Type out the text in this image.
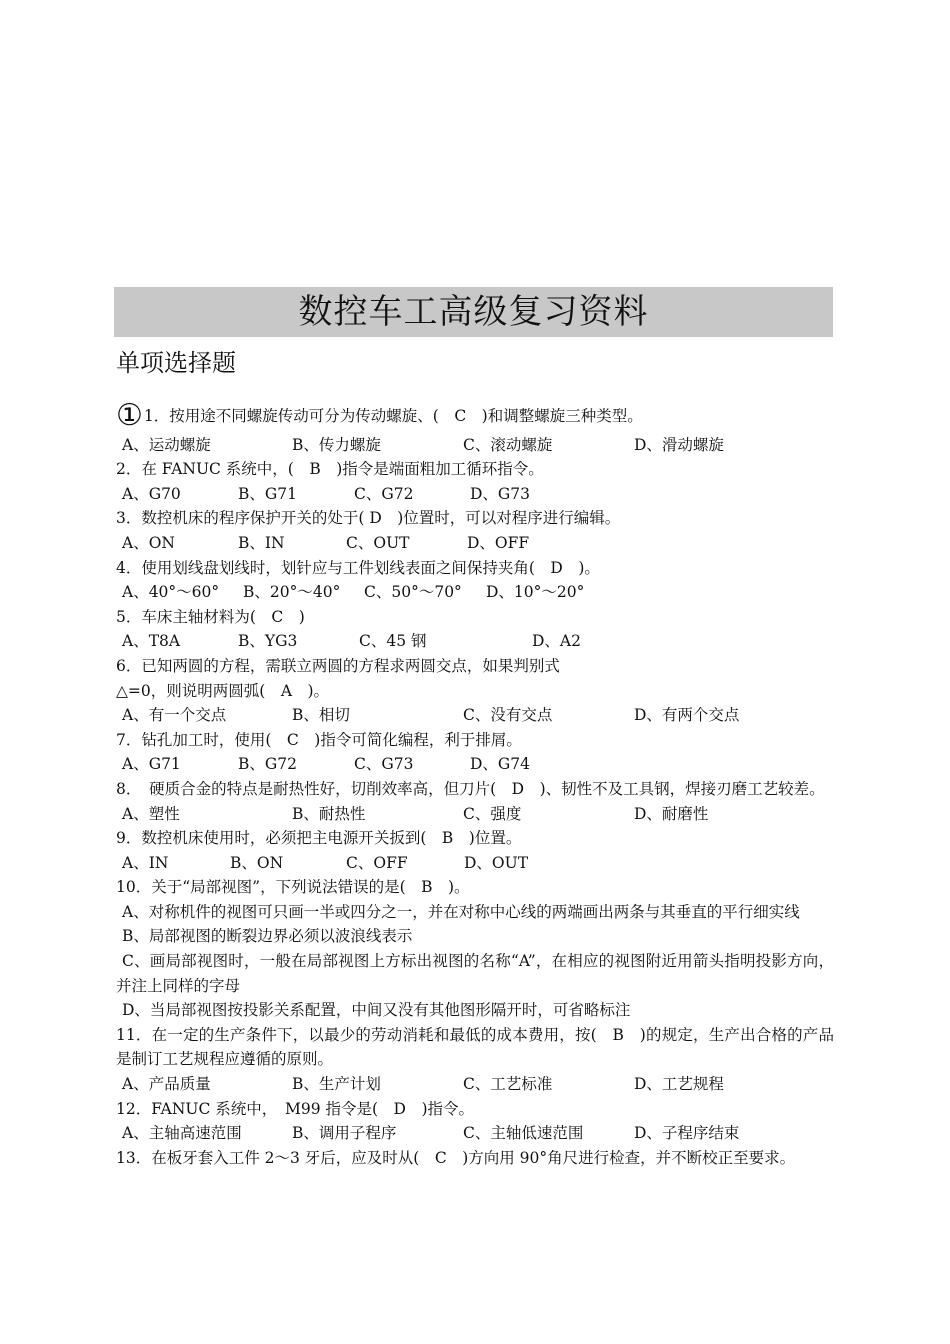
数控车工高级复习资料
单项选择题
①1．按用途不同螺旋传动可分为传动螺旋、(　C　)和调整螺旋三种类型。
A、运动螺旋	B、传力螺旋	C、滚动螺旋	D、滑动螺旋
2．在 FANUC 系统中，(　B　)指令是端面粗加工循环指令。
A、G70	B、G71	C、G72	D、G73
3．数控机床的程序保护开关的处于( D　)位置时，可以对程序进行编辑。
A、ON	B、IN	C、OUT	D、OFF
4．使用划线盘划线时，划针应与工件划线表面之间保持夹角(　D　)。
A、40°～60° B、20°～40° C、50°～70° D、10°～20°
5．车床主轴材料为(　C　)
A、T8A	B、YG3	C、45 钢	D、A2
6．已知两圆的方程，需联立两圆的方程求两圆交点，如果判别式
△=0，则说明两圆弧(　A　)。
A、有一个交点	B、相切	C、没有交点	D、有两个交点
7．钻孔加工时，使用(　C　)指令可简化编程，利于排屑。
A、G71	B、G72	C、G73	D、G74
8．　硬质合金的特点是耐热性好，切削效率高，但刀片(　D　)、韧性不及工具钢，焊接刃磨工艺较差。
A、塑性	B、耐热性	C、强度	D、耐磨性
9．数控机床使用时，必须把主电源开关扳到(　B　)位置。
A、IN	B、ON	C、OFF	D、OUT
10．关于“局部视图”，下列说法错误的是(　B　)。
A、对称机件的视图可只画一半或四分之一，并在对称中心线的两端画出两条与其垂直的平行细实线
B、局部视图的断裂边界必须以波浪线表示
C、画局部视图时，一般在局部视图上方标出视图的名称“A”，在相应的视图附近用箭头指明投影方向，并注上同样的字母
D、当局部视图按投影关系配置，中间又没有其他图形隔开时，可省略标注
11．在一定的生产条件下，以最少的劳动消耗和最低的成本费用，按(　B　)的规定，生产出合格的产品是制订工艺规程应遵循的原则。
A、产品质量	B、生产计划	C、工艺标准	D、工艺规程
12．FANUC 系统中，　M99 指令是(　D　)指令。
A、主轴高速范围	B、调用子程序	C、主轴低速范围	D、子程序结束
13．在板牙套入工件 2～3 牙后，应及时从(　C　)方向用 90°角尺进行检查，并不断校正至要求。
